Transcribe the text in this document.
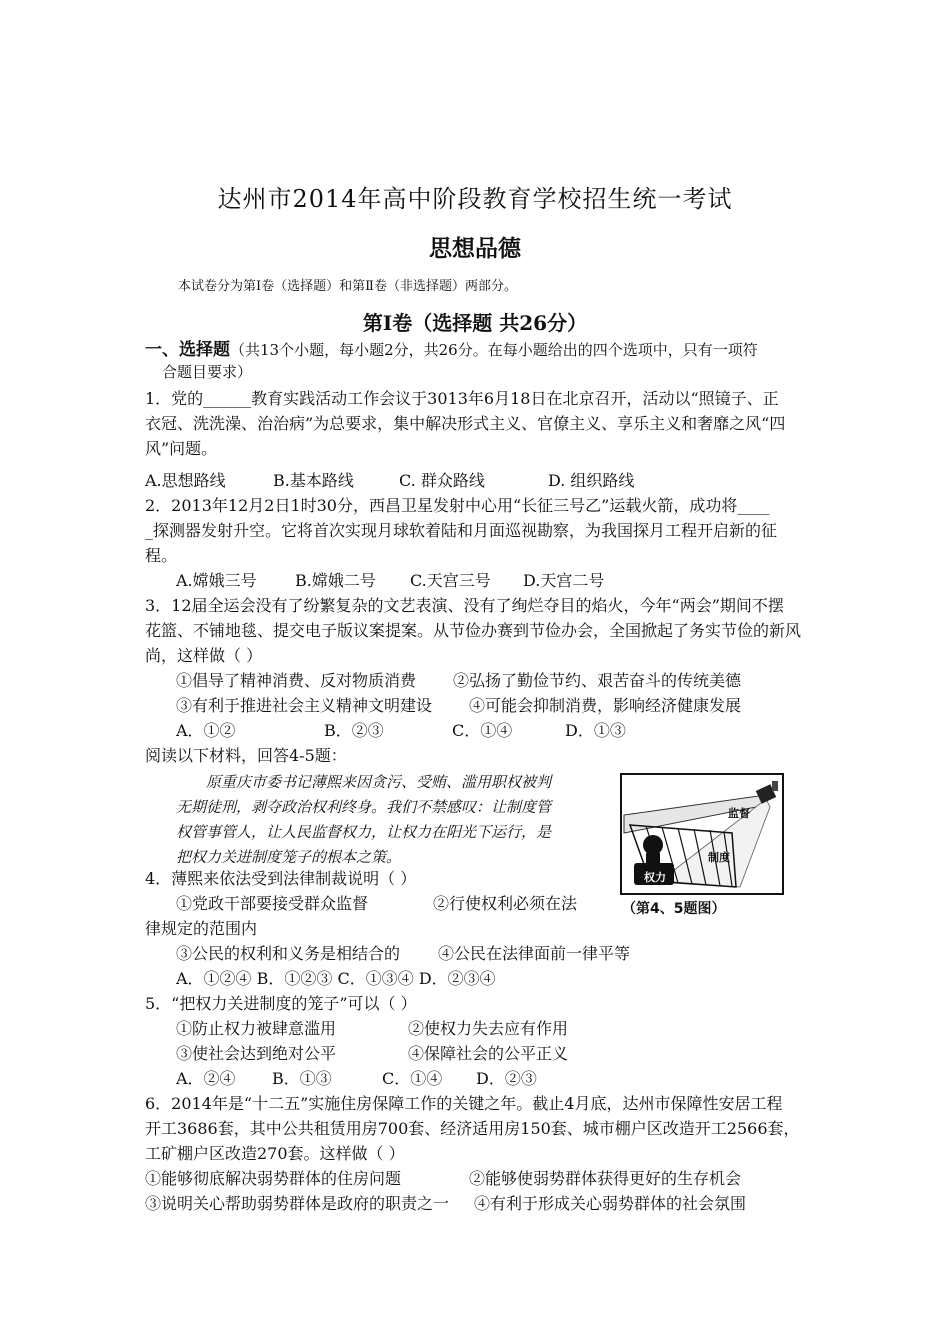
达州市2014年高中阶段教育学校招生统一考试
思想品德
本试卷分为第Ⅰ卷（选择题）和第Ⅱ卷（非选择题）两部分。
第Ⅰ卷（选择题 共26分）
一、选择题（共13个小题，每小题2分，共26分。在每小题给出的四个选项中，只有一项符
合题目要求）
1．党的______教育实践活动工作会议于3013年6月18日在北京召开，活动以“照镜子、正
衣冠、洗洗澡、治治病”为总要求，集中解决形式主义、官僚主义、享乐主义和奢靡之风“四
风”问题。
A.思想路线	B.基本路线	C. 群众路线	D. 组织路线
2．2013年12月2日1时30分，西昌卫星发射中心用“长征三号乙”运载火箭，成功将____
_探测器发射升空。它将首次实现月球软着陆和月面巡视勘察，为我国探月工程开启新的征
程。
A.嫦娥三号 B.嫦娥二号 C.天宫三号 D.天宫二号
3．12届全运会没有了纷繁复杂的文艺表演、没有了绚烂夺目的焰火，今年“两会”期间不摆
花篮、不铺地毯、提交电子版议案提案。从节俭办赛到节俭办会，全国掀起了务实节俭的新风
尚，这样做（ ）
①倡导了精神消费、反对物质消费 ②弘扬了勤俭节约、艰苦奋斗的传统美德
③有利于推进社会主义精神文明建设 ④可能会抑制消费，影响经济健康发展
A．①②	B．②③	C．①④	D．①③
阅读以下材料，回答4-5题：
原重庆市委书记薄熙来因贪污、受贿、滥用职权被判
无期徒刑，剥夺政治权利终身。我们不禁感叹：让制度管
权管事管人，让人民监督权力，让权力在阳光下运行，是
把权力关进制度笼子的根本之策。
监督
制度
权力
（第4、5题图）
4．薄熙来依法受到法律制裁说明（ ）
①党政干部要接受群众监督	②行使权利必须在法
律规定的范围内
③公民的权利和义务是相结合的 ④公民在法律面前一律平等
A．①②④ B．①②③ C．①③④ D．②③④
5．“把权力关进制度的笼子”可以（ ）
①防止权力被肆意滥用	②使权力失去应有作用
③使社会达到绝对公平	④保障社会的公平正义
A．②④ B．①③	C．①④ D．②③
6．2014年是“十二五”实施住房保障工作的关键之年。截止4月底，达州市保障性安居工程
开工3686套，其中公共租赁用房700套、经济适用房150套、城市棚户区改造开工2566套，
工矿棚户区改造270套。这样做（ ）
①能够彻底解决弱势群体的住房问题	②能够使弱势群体获得更好的生存机会
③说明关心帮助弱势群体是政府的职责之一 ④有利于形成关心弱势群体的社会氛围
